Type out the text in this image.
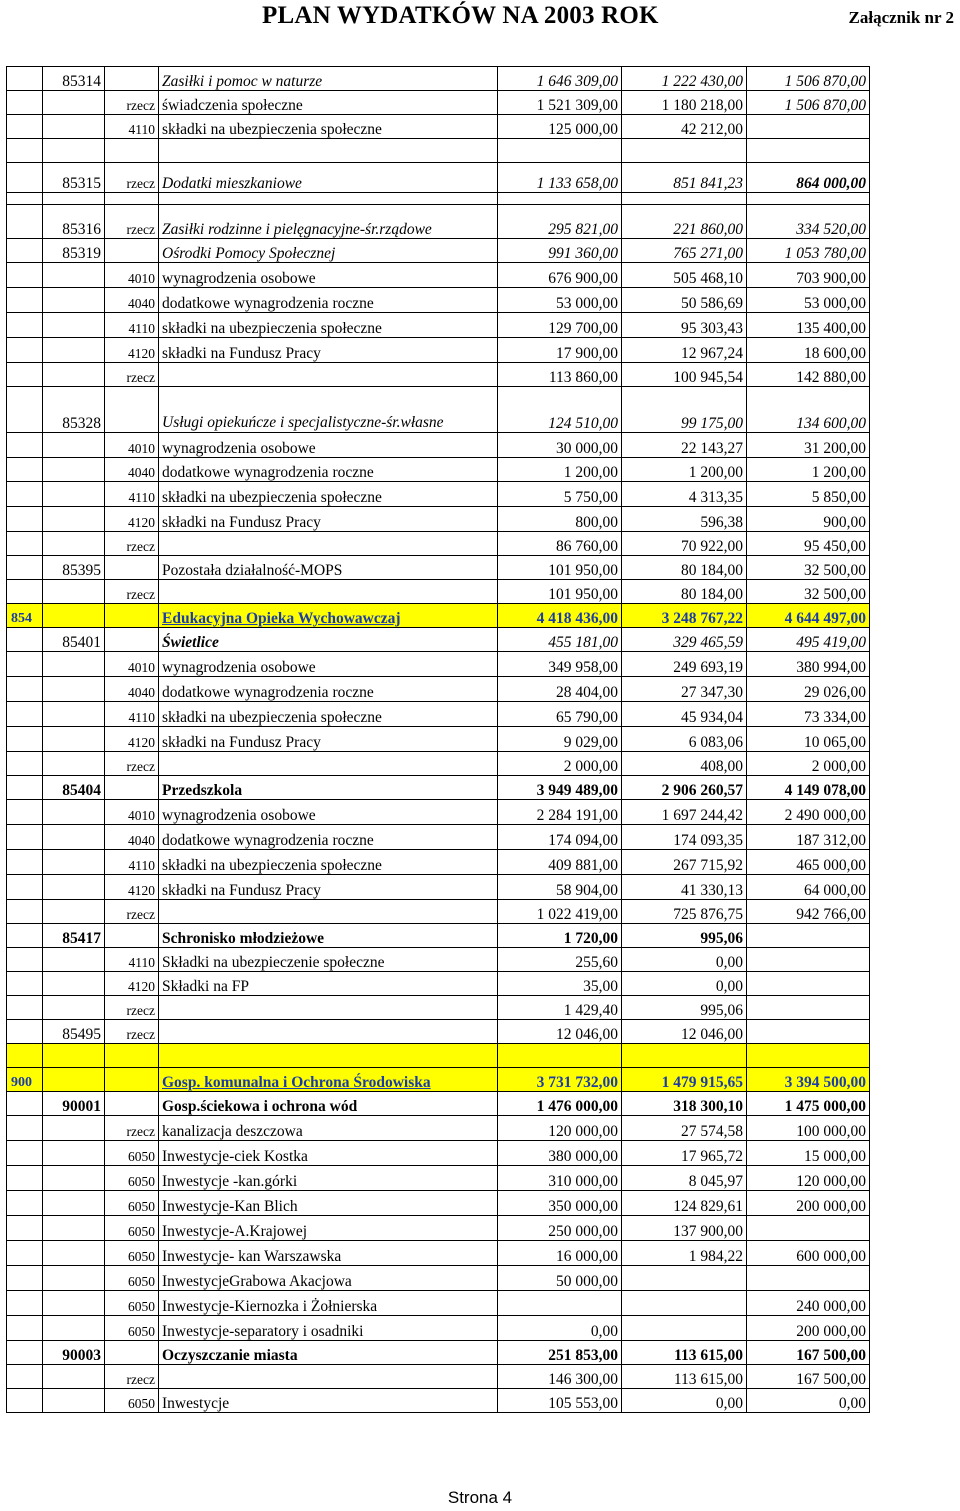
PLAN WYDATKÓW NA 2003 ROK	Załącznik nr 2
	85314		Zasiłki i pomoc w naturze	1 646 309,00	1 222 430,00	1 506 870,00
		rzecz	świadczenia społeczne	1 521 309,00	1 180 218,00	1 506 870,00
		4110	składki na ubezpieczenia społeczne	125 000,00	42 212,00	

	85315	rzecz	Dodatki mieszkaniowe	1 133 658,00	851 841,23	864 000,00

	85316	rzecz	Zasiłki rodzinne i pielęgnacyjne-śr.rządowe	295 821,00	221 860,00	334 520,00
	85319		Ośrodki Pomocy Społecznej	991 360,00	765 271,00	1 053 780,00
		4010	wynagrodzenia osobowe	676 900,00	505 468,10	703 900,00
		4040	dodatkowe wynagrodzenia roczne	53 000,00	50 586,69	53 000,00
		4110	składki na ubezpieczenia społeczne	129 700,00	95 303,43	135 400,00
		4120	składki na Fundusz Pracy	17 900,00	12 967,24	18 600,00
		rzecz		113 860,00	100 945,54	142 880,00
	85328		Usługi opiekuńcze i specjalistyczne-śr.własne	124 510,00	99 175,00	134 600,00
		4010	wynagrodzenia osobowe	30 000,00	22 143,27	31 200,00
		4040	dodatkowe wynagrodzenia roczne	1 200,00	1 200,00	1 200,00
		4110	składki na ubezpieczenia społeczne	5 750,00	4 313,35	5 850,00
		4120	składki na Fundusz Pracy	800,00	596,38	900,00
		rzecz		86 760,00	70 922,00	95 450,00
	85395		Pozostała działalność-MOPS	101 950,00	80 184,00	32 500,00
		rzecz		101 950,00	80 184,00	32 500,00
854			Edukacyjna Opieka Wychowawczaj	4 418 436,00	3 248 767,22	4 644 497,00
	85401		Świetlice	455 181,00	329 465,59	495 419,00
		4010	wynagrodzenia osobowe	349 958,00	249 693,19	380 994,00
		4040	dodatkowe wynagrodzenia roczne	28 404,00	27 347,30	29 026,00
		4110	składki na ubezpieczenia społeczne	65 790,00	45 934,04	73 334,00
		4120	składki na Fundusz Pracy	9 029,00	6 083,06	10 065,00
		rzecz		2 000,00	408,00	2 000,00
	85404		Przedszkola	3 949 489,00	2 906 260,57	4 149 078,00
		4010	wynagrodzenia osobowe	2 284 191,00	1 697 244,42	2 490 000,00
		4040	dodatkowe wynagrodzenia roczne	174 094,00	174 093,35	187 312,00
		4110	składki na ubezpieczenia społeczne	409 881,00	267 715,92	465 000,00
		4120	składki na Fundusz Pracy	58 904,00	41 330,13	64 000,00
		rzecz		1 022 419,00	725 876,75	942 766,00
	85417		Schronisko młodzieżowe	1 720,00	995,06	
		4110	Składki na ubezpieczenie społeczne	255,60	0,00	
		4120	Składki na FP	35,00	0,00	
		rzecz		1 429,40	995,06	
	85495	rzecz		12 046,00	12 046,00	

900			Gosp. komunalna i Ochrona Środowiska	3 731 732,00	1 479 915,65	3 394 500,00
	90001		Gosp.ściekowa i ochrona wód	1 476 000,00	318 300,10	1 475 000,00
		rzecz	kanalizacja deszczowa	120 000,00	27 574,58	100 000,00
		6050	Inwestycje-ciek Kostka	380 000,00	17 965,72	15 000,00
		6050	Inwestycje -kan.górki	310 000,00	8 045,97	120 000,00
		6050	Inwestycje-Kan Blich	350 000,00	124 829,61	200 000,00
		6050	Inwestycje-A.Krajowej	250 000,00	137 900,00	
		6050	Inwestycje- kan Warszawska	16 000,00	1 984,22	600 000,00
		6050	InwestycjeGrabowa Akacjowa	50 000,00		
		6050	Inwestycje-Kiernozka i Żołnierska			240 000,00
		6050	Inwestycje-separatory i osadniki	0,00		200 000,00
	90003		Oczyszczanie miasta	251 853,00	113 615,00	167 500,00
		rzecz		146 300,00	113 615,00	167 500,00
		6050	Inwestycje	105 553,00	0,00	0,00
Strona 4
